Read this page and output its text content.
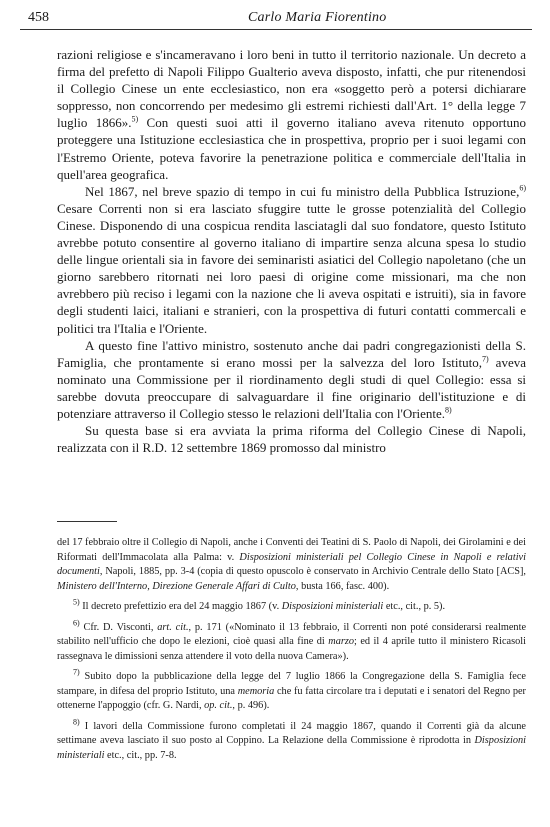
458	Carlo Maria Fiorentino

razioni religiose e s'incameravano i loro beni in tutto il territorio nazionale. Un decreto a firma del prefetto di Napoli Filippo Gualterio aveva disposto, infatti, che pur ritenendosi il Collegio Cinese un ente ecclesiastico, non era «soggetto però a potersi dichiarare soppresso, non concorrendo per medesimo gli estremi richiesti dall'Art. 1° della legge 7 luglio 1866».$^{5)}$ Con questi suoi atti il governo italiano aveva ritenuto opportuno proteggere una Istituzione ecclesiastica che in prospettiva, proprio per i suoi legami con l'Estremo Oriente, poteva favorire la penetrazione politica e commerciale dell'Italia in quell'area geografica.

Nel 1867, nel breve spazio di tempo in cui fu ministro della Pubblica Istruzione,$^{6)}$ Cesare Correnti non si era lasciato sfuggire tutte le grosse potenzialità del Collegio Cinese. Disponendo di una cospicua rendita lasciatagli dal suo fondatore, questo Istituto avrebbe potuto consentire al governo italiano di impartire senza alcuna spesa lo studio delle lingue orientali sia in favore dei seminaristi asiatici del Collegio napoletano (che un giorno sarebbero ritornati nei loro paesi di origine come missionari, ma che non avrebbero più reciso i legami con la nazione che li aveva ospitati e istruiti), sia in favore degli studenti laici, italiani e stranieri, con la prospettiva di futuri contatti commercali e politici tra l'Italia e l'Oriente.

A questo fine l'attivo ministro, sostenuto anche dai padri congregazionisti della S. Famiglia, che prontamente si erano mossi per la salvezza del loro Istituto,$^{7)}$ aveva nominato una Commissione per il riordinamento degli studi di quel Collegio: essa si sarebbe dovuta preoccupare di salvaguardare il fine originario dell'istituzione e di potenziare attraverso il Collegio stesso le relazioni dell'Italia con l'Oriente.$^{8)}$

Su questa base si era avviata la prima riforma del Collegio Cinese di Napoli, realizzata con il R.D. 12 settembre 1869 promosso dal ministro

del 17 febbraio oltre il Collegio di Napoli, anche i Conventi dei Teatini di S. Paolo di Napoli, dei Girolamini e dei Riformati dell'Immacolata alla Palma: v. Disposizioni ministeriali pel Collegio Cinese in Napoli e relativi documenti, Napoli, 1885, pp. 3-4 (copia di questo opuscolo è conservato in Archivio Centrale dello Stato [ACS], Ministero dell'Interno, Direzione Generale Affari di Culto, busta 166, fasc. 400).

$^{5)}$ Il decreto prefettizio era del 24 maggio 1867 (v. Disposizioni ministeriali etc., cit., p. 5).

$^{6)}$ Cfr. D. Visconti, art. cit., p. 171 («Nominato il 13 febbraio, il Correnti non poté considerarsi realmente stabilito nell'ufficio che dopo le elezioni, cioè quasi alla fine di marzo; ed il 4 aprile tutto il ministero Ricasoli rassegnava le dimissioni senza attendere il voto della nuova Camera»).

$^{7)}$ Subito dopo la pubblicazione della legge del 7 luglio 1866 la Congregazione della S. Famiglia fece stampare, in difesa del proprio Istituto, una memoria che fu fatta circolare tra i deputati e i senatori del Regno per ottenerne l'appoggio (cfr. G. Nardi, op. cit., p. 496).

$^{8)}$ I lavori della Commissione furono completati il 24 maggio 1867, quando il Correnti già da alcune settimane aveva lasciato il suo posto al Coppino. La Relazione della Commissione è riprodotta in Disposizioni ministeriali etc., cit., pp. 7-8.
